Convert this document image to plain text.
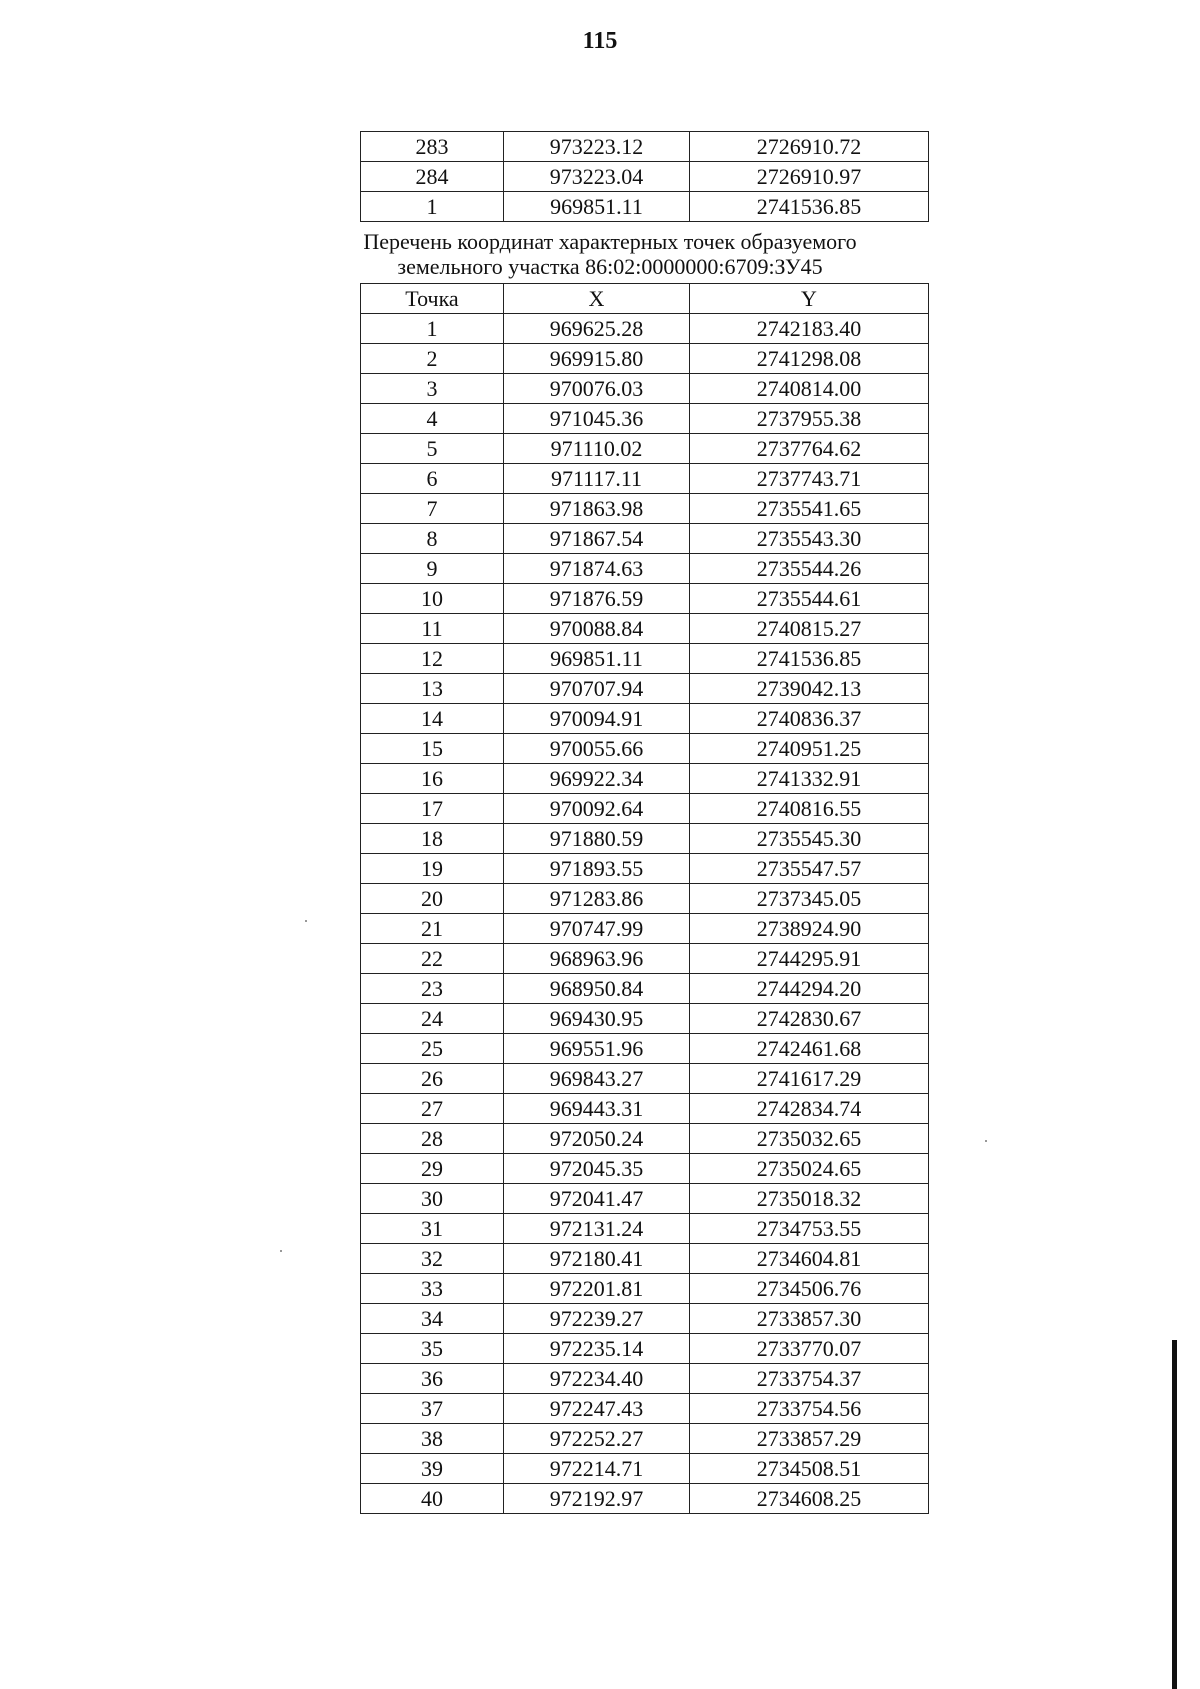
115
283	973223.12	2726910.72
284	973223.04	2726910.97
1	969851.11	2741536.85
Перечень координат характерных точек образуемого
земельного участка 86:02:0000000:6709:ЗУ45
Точка	X	Y
1	969625.28	2742183.40
2	969915.80	2741298.08
3	970076.03	2740814.00
4	971045.36	2737955.38
5	971110.02	2737764.62
6	971117.11	2737743.71
7	971863.98	2735541.65
8	971867.54	2735543.30
9	971874.63	2735544.26
10	971876.59	2735544.61
11	970088.84	2740815.27
12	969851.11	2741536.85
13	970707.94	2739042.13
14	970094.91	2740836.37
15	970055.66	2740951.25
16	969922.34	2741332.91
17	970092.64	2740816.55
18	971880.59	2735545.30
19	971893.55	2735547.57
20	971283.86	2737345.05
21	970747.99	2738924.90
22	968963.96	2744295.91
23	968950.84	2744294.20
24	969430.95	2742830.67
25	969551.96	2742461.68
26	969843.27	2741617.29
27	969443.31	2742834.74
28	972050.24	2735032.65
29	972045.35	2735024.65
30	972041.47	2735018.32
31	972131.24	2734753.55
32	972180.41	2734604.81
33	972201.81	2734506.76
34	972239.27	2733857.30
35	972235.14	2733770.07
36	972234.40	2733754.37
37	972247.43	2733754.56
38	972252.27	2733857.29
39	972214.71	2734508.51
40	972192.97	2734608.25
